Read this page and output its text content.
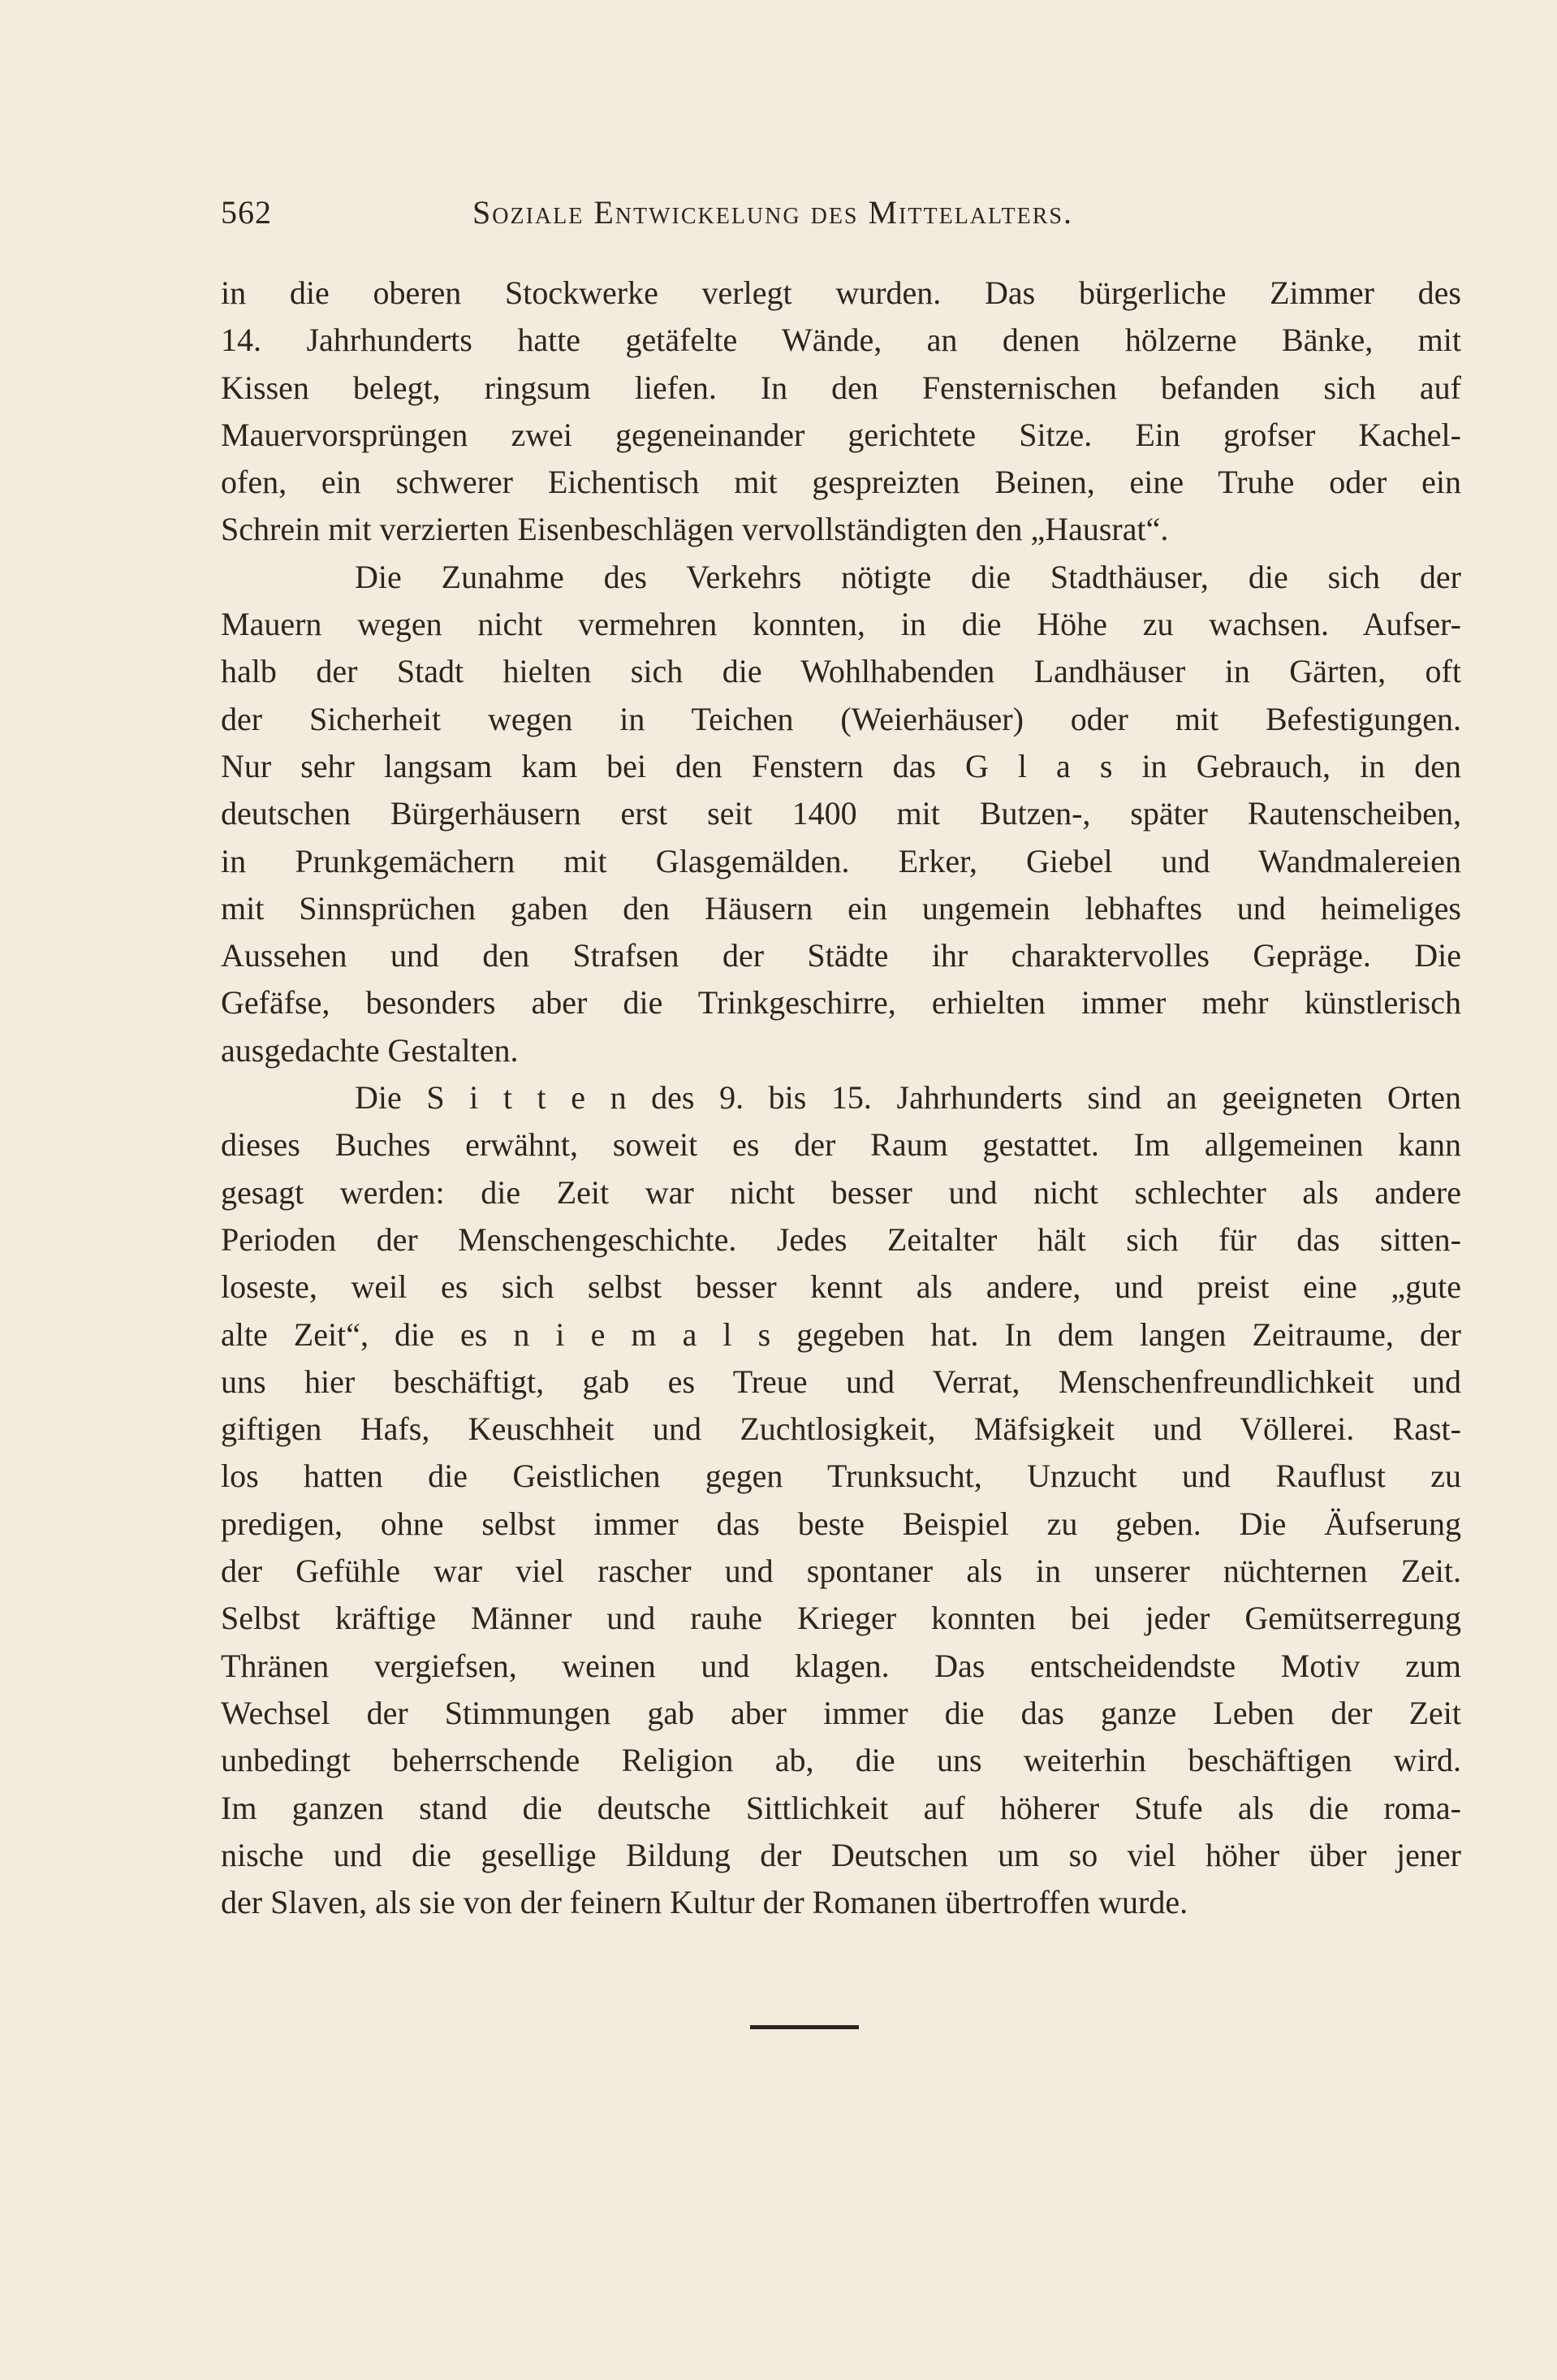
562	Soziale Entwickelung des Mittelalters.
in die oberen Stockwerke verlegt wurden. Das bürgerliche Zimmer des
14. Jahrhunderts hatte getäfelte Wände, an denen hölzerne Bänke, mit
Kissen belegt, ringsum liefen. In den Fensternischen befanden sich auf
Mauervorsprüngen zwei gegeneinander gerichtete Sitze. Ein grofser Kachel-
ofen, ein schwerer Eichentisch mit gespreizten Beinen, eine Truhe oder ein
Schrein mit verzierten Eisenbeschlägen vervollständigten den „Hausrat“.
Die Zunahme des Verkehrs nötigte die Stadthäuser, die sich der
Mauern wegen nicht vermehren konnten, in die Höhe zu wachsen. Aufser-
halb der Stadt hielten sich die Wohlhabenden Landhäuser in Gärten, oft
der Sicherheit wegen in Teichen (Weierhäuser) oder mit Befestigungen.
Nur sehr langsam kam bei den Fenstern das G l a s in Gebrauch, in den
deutschen Bürgerhäusern erst seit 1400 mit Butzen-, später Rautenscheiben,
in Prunkgemächern mit Glasgemälden. Erker, Giebel und Wandmalereien
mit Sinnsprüchen gaben den Häusern ein ungemein lebhaftes und heimeliges
Aussehen und den Strafsen der Städte ihr charaktervolles Gepräge. Die
Gefäfse, besonders aber die Trinkgeschirre, erhielten immer mehr künstlerisch
ausgedachte Gestalten.
Die S i t t e n des 9. bis 15. Jahrhunderts sind an geeigneten Orten
dieses Buches erwähnt, soweit es der Raum gestattet. Im allgemeinen kann
gesagt werden: die Zeit war nicht besser und nicht schlechter als andere
Perioden der Menschengeschichte. Jedes Zeitalter hält sich für das sitten-
loseste, weil es sich selbst besser kennt als andere, und preist eine „gute
alte Zeit“, die es n i e m a l s gegeben hat. In dem langen Zeitraume, der
uns hier beschäftigt, gab es Treue und Verrat, Menschenfreundlichkeit und
giftigen Hafs, Keuschheit und Zuchtlosigkeit, Mäfsigkeit und Völlerei. Rast-
los hatten die Geistlichen gegen Trunksucht, Unzucht und Rauflust zu
predigen, ohne selbst immer das beste Beispiel zu geben. Die Äufserung
der Gefühle war viel rascher und spontaner als in unserer nüchternen Zeit.
Selbst kräftige Männer und rauhe Krieger konnten bei jeder Gemütserregung
Thränen vergiefsen, weinen und klagen. Das entscheidendste Motiv zum
Wechsel der Stimmungen gab aber immer die das ganze Leben der Zeit
unbedingt beherrschende Religion ab, die uns weiterhin beschäftigen wird.
Im ganzen stand die deutsche Sittlichkeit auf höherer Stufe als die roma-
nische und die gesellige Bildung der Deutschen um so viel höher über jener
der Slaven, als sie von der feinern Kultur der Romanen übertroffen wurde.
